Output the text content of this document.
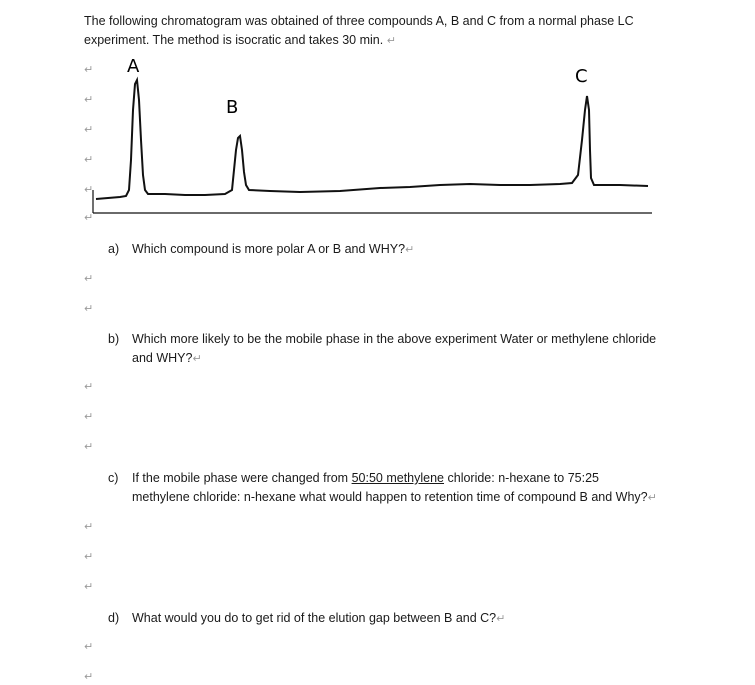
The following chromatogram was obtained of three compounds A, B and C from a normal phase LC
experiment. The method is isocratic and takes 30 min. ↵
A
B
C
↵
↵
↵
↵
↵
↵
↵
↵
↵
↵
↵
↵
↵
↵
↵
↵
a) Which compound is more polar A or B and WHY?↵
b) Which more likely to be the mobile phase in the above experiment Water or methylene chloride
and WHY?↵
c) If the mobile phase were changed from 50:50 methylene chloride: n-hexane to 75:25
methylene chloride: n-hexane what would happen to retention time of compound B and Why?↵
d) What would you do to get rid of the elution gap between B and C?↵
